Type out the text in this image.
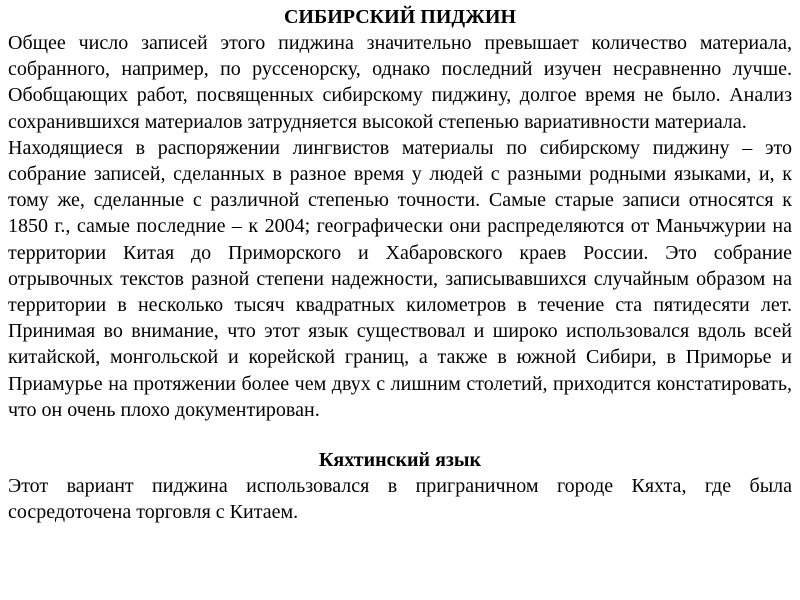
СИБИРСКИЙ ПИДЖИН

Общее число записей этого пиджина значительно превышает количество материала, собранного, например, по руссенорску, однако последний изучен несравненно лучше. Обобщающих работ, посвященных сибирскому пиджину, долгое время не было. Анализ сохранившихся материалов затрудняется высокой степенью вариативности материала.

Находящиеся в распоряжении лингвистов материалы по сибирскому пиджину – это собрание записей, сделанных в разное время у людей с разными родными языками, и, к тому же, сделанные с различной степенью точности. Самые старые записи относятся к 1850 г., самые последние – к 2004; географически они распределяются от Маньчжурии на территории Китая до Приморского и Хабаровского краев России. Это собрание отрывочных текстов разной степени надежности, записывавшихся случайным образом на территории в несколько тысяч квадратных километров в течение ста пятидесяти лет. Принимая во внимание, что этот язык существовал и широко использовался вдоль всей китайской, монгольской и корейской границ, а также в южной Сибири, в Приморье и Приамурье на протяжении более чем двух с лишним столетий, приходится констатировать, что он очень плохо документирован.

Кяхтинский язык

Этот вариант пиджина использовался в приграничном городе Кяхта, где была сосредоточена торговля с Китаем.
